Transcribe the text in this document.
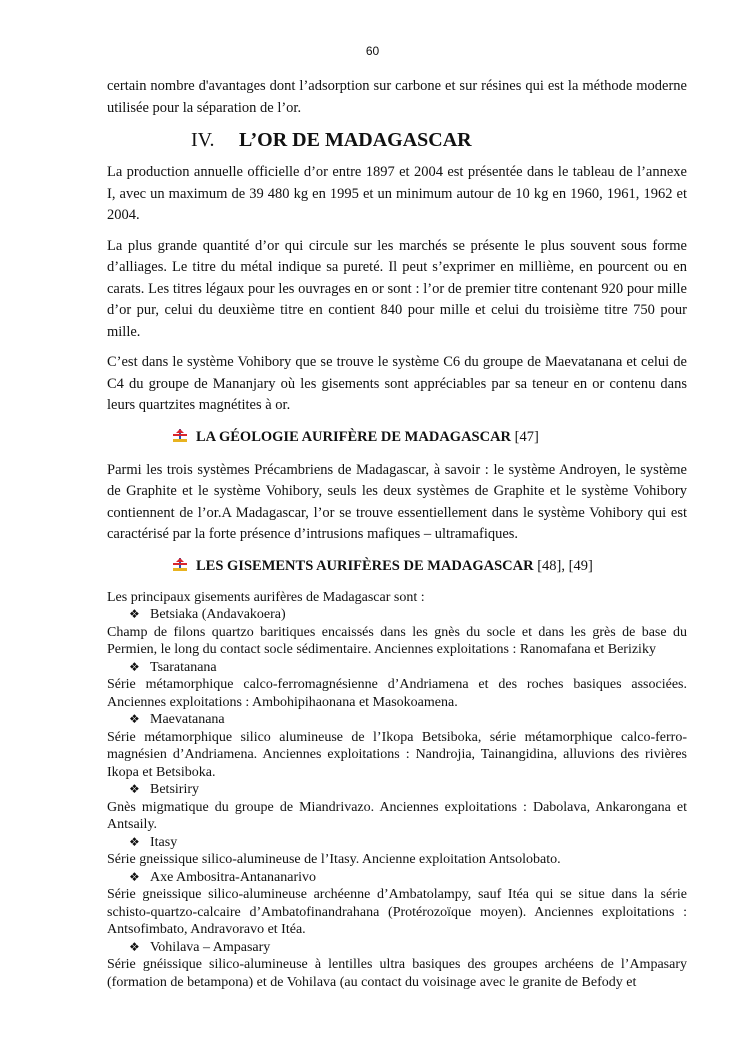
60

certain nombre d'avantages dont l’adsorption sur carbone et sur résines qui est la méthode moderne utilisée pour la séparation de l’or.

IV. L’OR DE MADAGASCAR

La production annuelle officielle d’or entre 1897 et 2004 est présentée dans le tableau de l’annexe I, avec un maximum de 39 480 kg en 1995 et un minimum autour de 10 kg en 1960, 1961, 1962 et 2004.

La plus grande quantité d’or qui circule sur les marchés se présente le plus souvent sous forme d’alliages. Le titre du métal indique sa pureté. Il peut s’exprimer en millième, en pourcent ou en carats. Les titres légaux pour les ouvrages en or sont : l’or de premier titre contenant 920 pour mille d’or pur, celui du deuxième titre en contient 840 pour mille et celui du troisième titre 750 pour mille.

C’est dans le système Vohibory que se trouve le système C6 du groupe de Maevatanana et celui de C4 du groupe de Mananjary où les gisements sont appréciables par sa teneur en or contenu dans leurs quartzites magnétites à or.

LA GÉOLOGIE AURIFÈRE DE MADAGASCAR [47]

Parmi les trois systèmes Précambriens de Madagascar, à savoir : le système Androyen, le système de Graphite et le système Vohibory, seuls les deux systèmes de Graphite et le système Vohibory contiennent de l’or.A Madagascar, l’or se trouve essentiellement dans le système Vohibory qui est caractérisé par la forte présence d’intrusions mafiques – ultramafiques.

LES GISEMENTS AURIFÈRES DE MADAGASCAR [48], [49]

Les principaux gisements aurifères de Madagascar sont :

❖ Betsiaka (Andavakoera)

Champ de filons quartzo baritiques encaissés dans les gnès du socle et dans les grès de base du Permien, le long du contact socle sédimentaire. Anciennes exploitations : Ranomafana et Beriziky

❖ Tsaratanana

Série métamorphique calco-ferromagnésienne d’Andriamena et des roches basiques associées. Anciennes exploitations : Ambohipihaonana et Masokoamena.

❖ Maevatanana

Série métamorphique silico alumineuse de l’Ikopa Betsiboka, série métamorphique calco-ferro-magnésien d’Andriamena. Anciennes exploitations : Nandrojia, Tainangidina, alluvions des rivières Ikopa et Betsiboka.

❖ Betsiriry

Gnès migmatique du groupe de Miandrivazo. Anciennes exploitations : Dabolava, Ankarongana et Antsaily.

❖ Itasy

Série gneissique silico-alumineuse de l’Itasy. Ancienne exploitation Antsolobato.

❖ Axe Ambositra-Antananarivo

Série gneissique silico-alumineuse archéenne d’Ambatolampy, sauf Itéa qui se situe dans la série schisto-quartzo-calcaire d’Ambatofinandrahana (Protérozoïque moyen). Anciennes exploitations : Antsofimbato, Andravoravo et Itéa.

❖ Vohilava – Ampasary

Série gnéissique silico-alumineuse à lentilles ultra basiques des groupes archéens de l’Ampasary (formation de betampona) et de Vohilava (au contact du voisinage avec le granite de Befody et
